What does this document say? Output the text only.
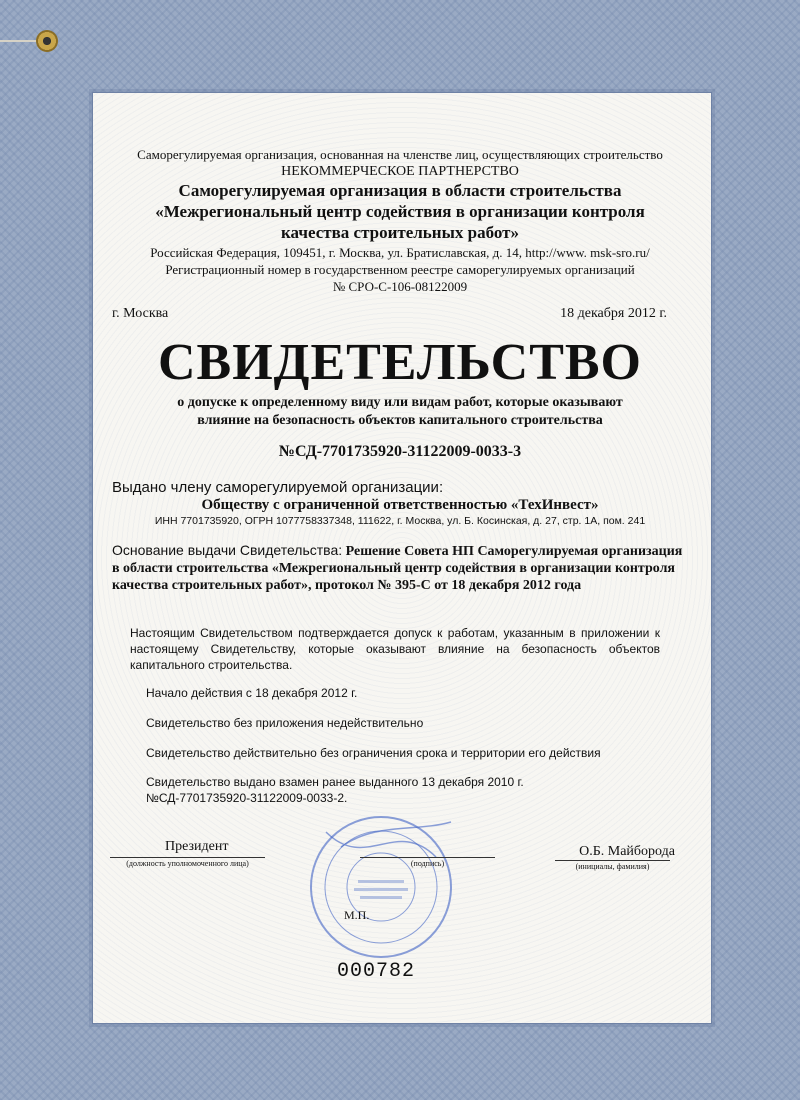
Саморегулируемая организация, основанная на членстве лиц, осуществляющих строительство
НЕКОММЕРЧЕСКОЕ ПАРТНЕРСТВО
Саморегулируемая организация в области строительства
«Межрегиональный центр содействия в организации контроля
качества строительных работ»
Российская Федерация, 109451, г. Москва, ул. Братиславская, д. 14, http://www. msk-sro.ru/
Регистрационный номер в государственном реестре саморегулируемых организаций
№ СРО-С-106-08122009
г. Москва	18 декабря 2012 г.
СВИДЕТЕЛЬСТВО
о допуске к определенному виду или видам работ, которые оказывают
влияние на безопасность объектов капитального строительства
№СД-7701735920-31122009-0033-3
Выдано члену саморегулируемой организации:
Обществу с ограниченной ответственностью «ТехИнвест»
ИНН 7701735920, ОГРН 1077758337348, 111622, г. Москва, ул. Б. Косинская, д. 27, стр. 1А, пом. 241
Основание выдачи Свидетельства: Решение Совета НП Саморегулируемая организация в области строительства «Межрегиональный центр содействия в организации контроля качества строительных работ», протокол № 395-С от 18 декабря 2012 года
Настоящим Свидетельством подтверждается допуск к работам, указанным в приложении к настоящему Свидетельству, которые оказывают влияние на безопасность объектов капитального строительства.
Начало действия с 18 декабря 2012 г.
Свидетельство без приложения недействительно
Свидетельство действительно без ограничения срока и территории его действия
Свидетельство выдано взамен ранее выданного 13 декабря 2010 г.
№СД-7701735920-31122009-0033-2.
Президент
(должность уполномоченного лица)	(подпись)
О.Б. Майборода
(инициалы, фамилия)
М.П.
000782
